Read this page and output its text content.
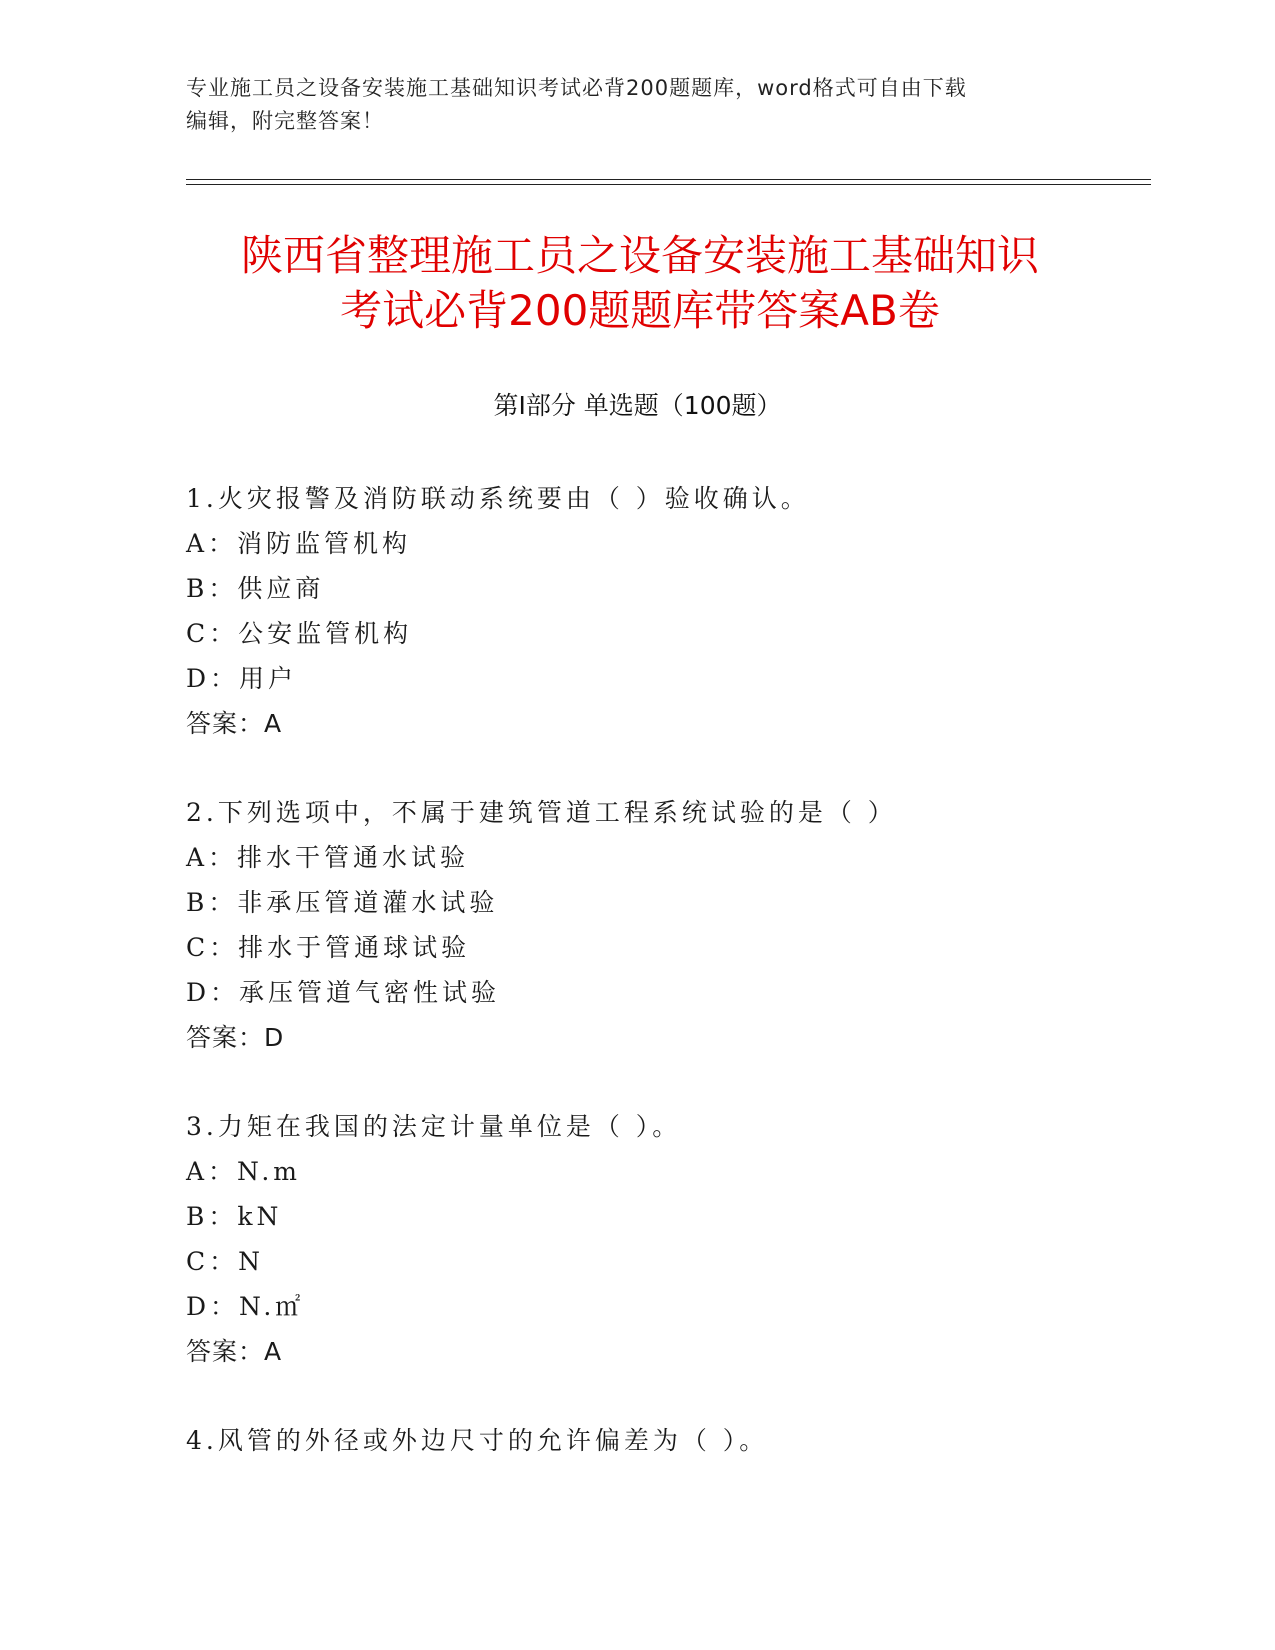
专业施工员之设备安装施工基础知识考试必背200题题库，word格式可自由下载
编辑，附完整答案！
陕西省整理施工员之设备安装施工基础知识
考试必背200题题库带答案AB卷
第Ⅰ部分 单选题（100题）
1.火灾报警及消防联动系统要由（ ）验收确认。
A：消防监管机构
B：供应商
C：公安监管机构
D：用户
答案：A
2.下列选项中，不属于建筑管道工程系统试验的是（ ）
A：排水干管通水试验
B：非承压管道灌水试验
C：排水于管通球试验
D：承压管道气密性试验
答案：D
3.力矩在我国的法定计量单位是（ ）。
A：N.m
B：kN
C：N
D：N.㎡
答案：A
4.风管的外径或外边尺寸的允许偏差为（ ）。
